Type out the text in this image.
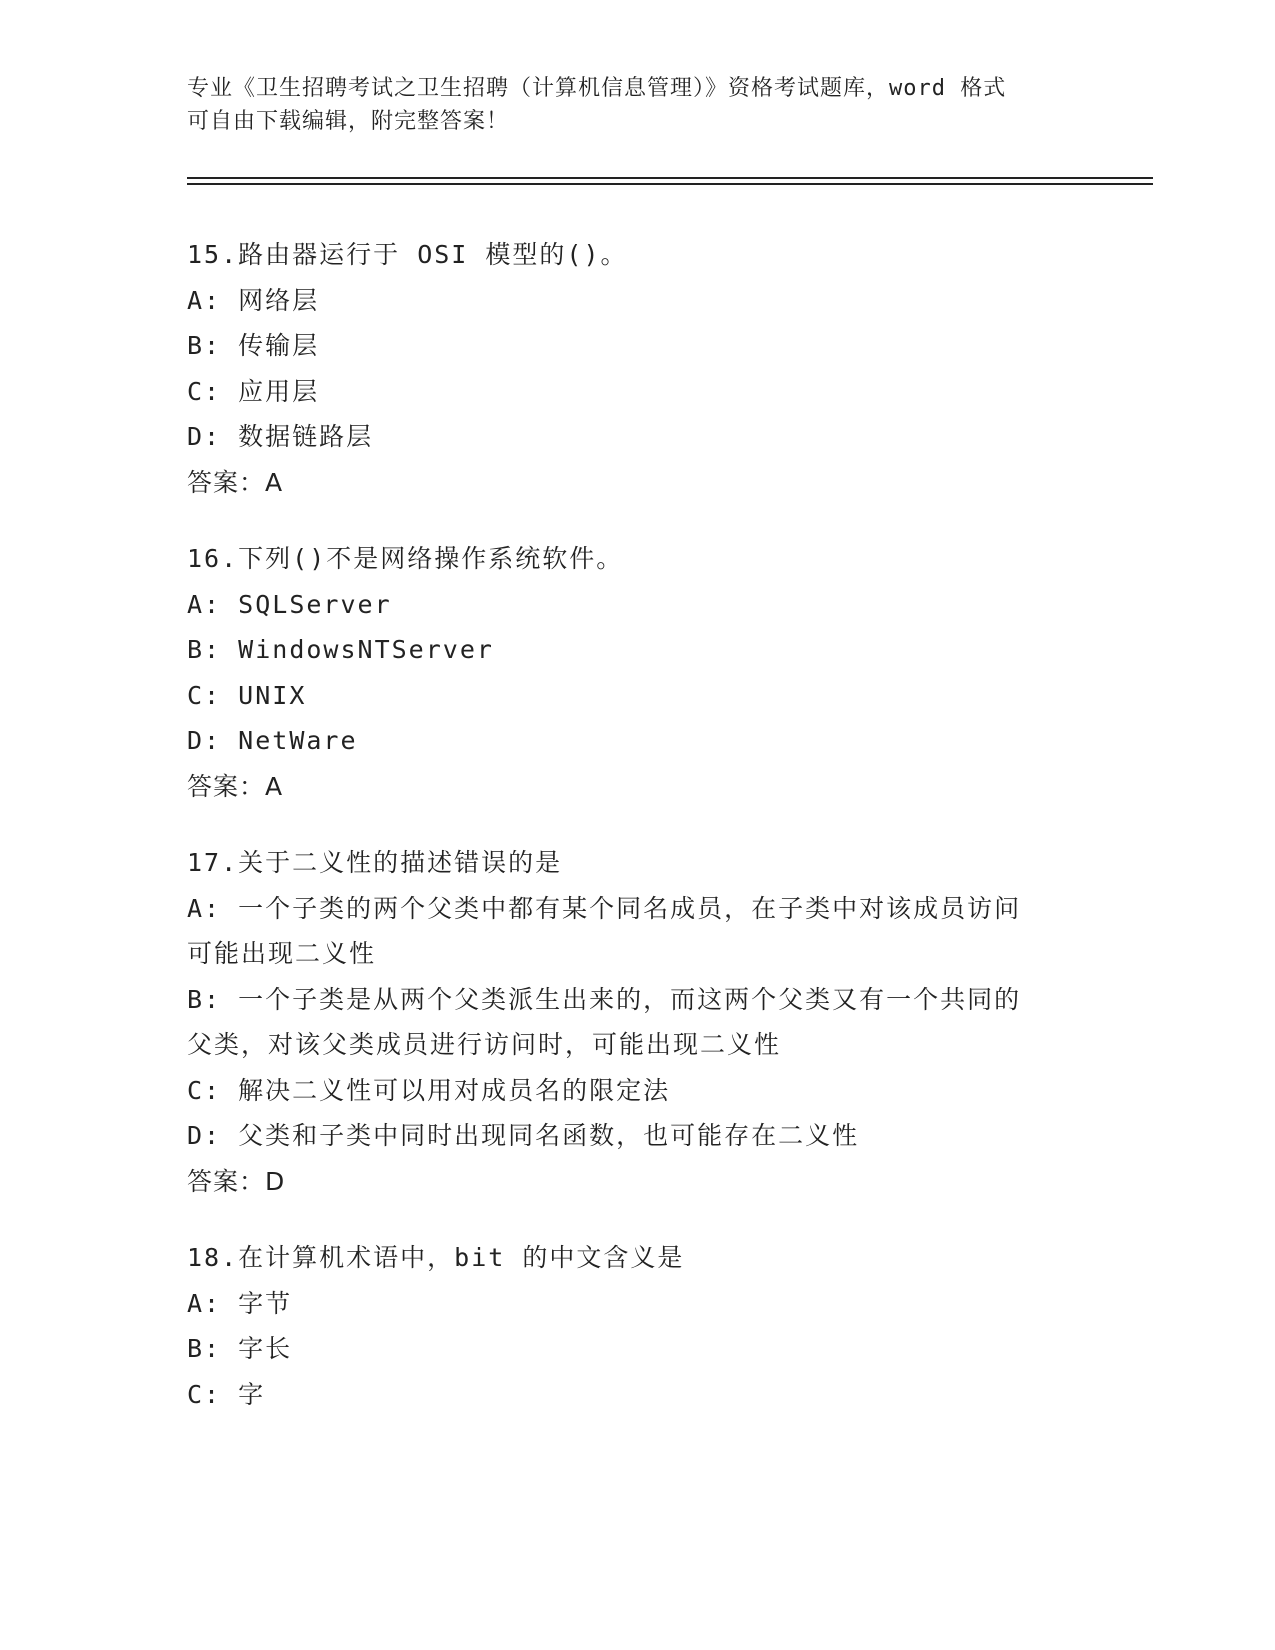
专业《卫生招聘考试之卫生招聘（计算机信息管理）》资格考试题库，word 格式

可自由下载编辑，附完整答案！

15.路由器运行于 OSI 模型的()。

A: 网络层

B: 传输层

C: 应用层

D: 数据链路层

答案：A

16.下列()不是网络操作系统软件。

A: SQLServer

B: WindowsNTServer

C: UNIX

D: NetWare

答案：A

17.关于二义性的描述错误的是

A: 一个子类的两个父类中都有某个同名成员，在子类中对该成员访问

可能出现二义性

B: 一个子类是从两个父类派生出来的，而这两个父类又有一个共同的

父类，对该父类成员进行访问时，可能出现二义性

C: 解决二义性可以用对成员名的限定法

D: 父类和子类中同时出现同名函数，也可能存在二义性

答案：D

18.在计算机术语中，bit 的中文含义是

A: 字节

B: 字长

C: 字
